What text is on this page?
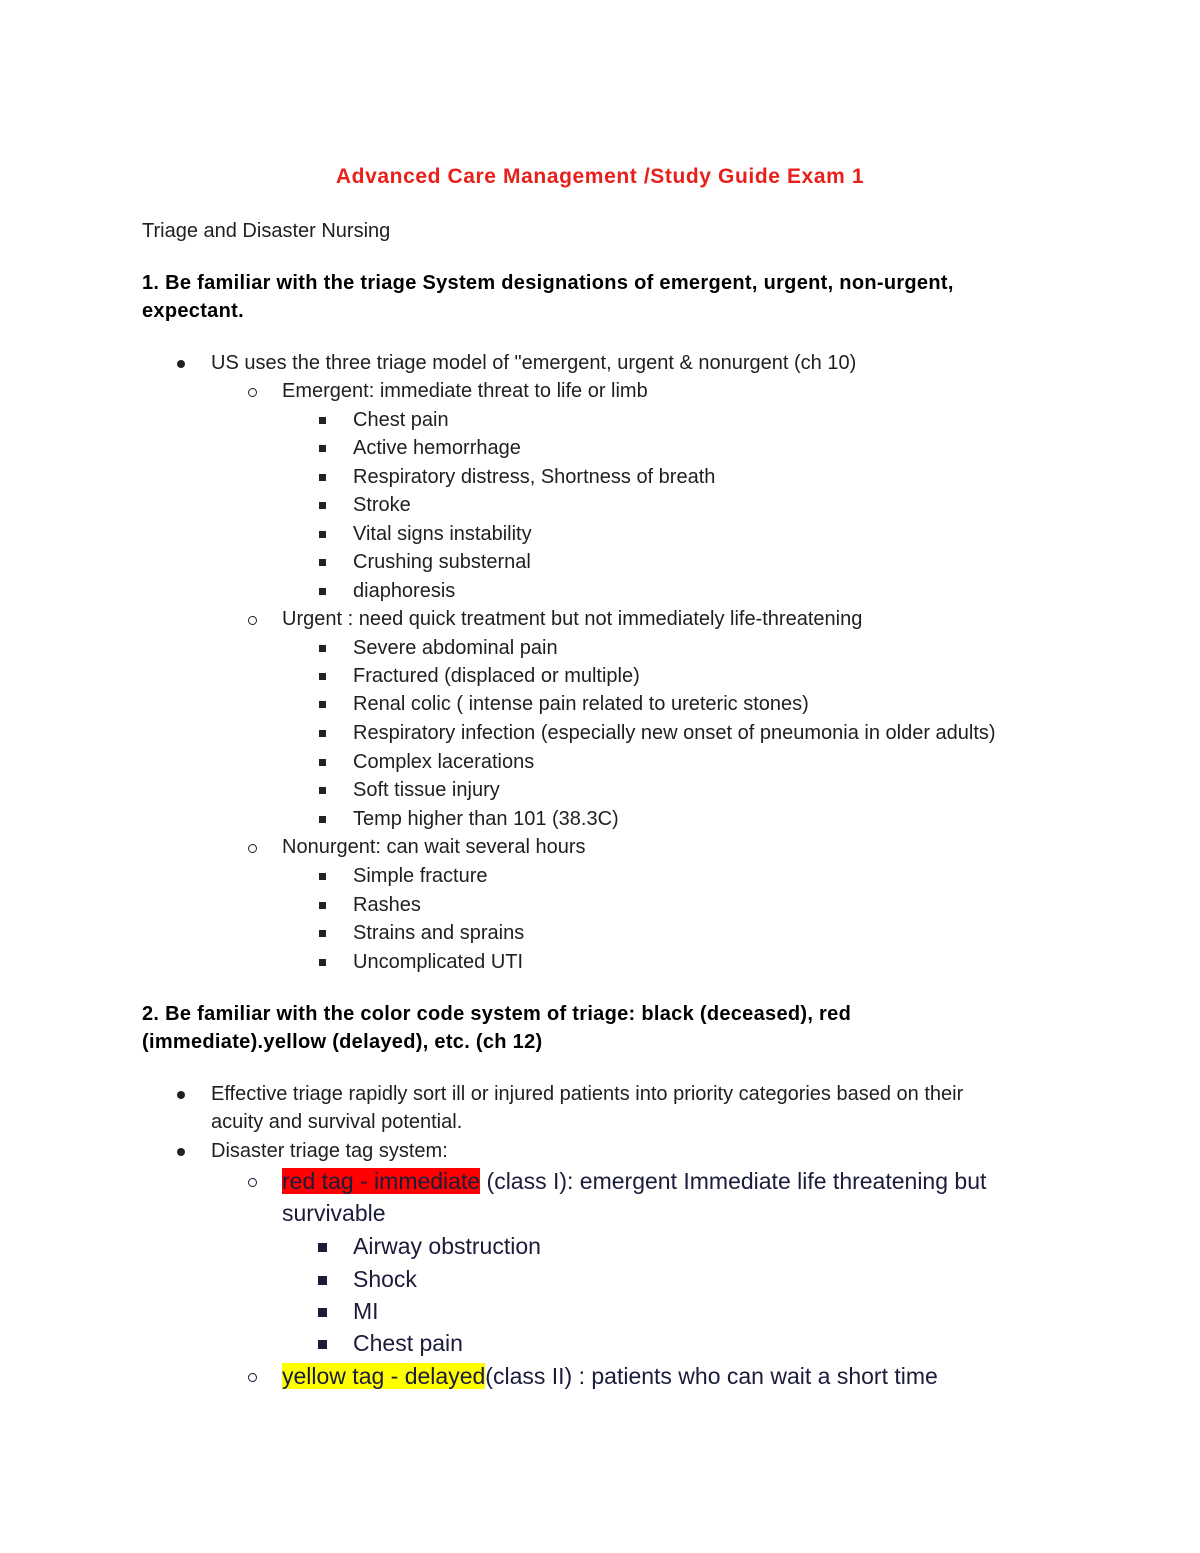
Advanced Care Management /Study Guide Exam 1
Triage and Disaster Nursing
1. Be familiar with the triage System designations of emergent, urgent, non-urgent,
expectant.
US uses the three triage model of "emergent, urgent & nonurgent (ch 10)
Emergent: immediate threat to life or limb
Chest pain
Active hemorrhage
Respiratory distress, Shortness of breath
Stroke
Vital signs instability
Crushing substernal
diaphoresis
Urgent : need quick treatment but not immediately life-threatening
Severe abdominal pain
Fractured (displaced or multiple)
Renal colic ( intense pain related to ureteric stones)
Respiratory infection (especially new onset of pneumonia in older adults)
Complex lacerations
Soft tissue injury
Temp higher than 101 (38.3C)
Nonurgent: can wait several hours
Simple fracture
Rashes
Strains and sprains
Uncomplicated UTI
2. Be familiar with the color code system of triage: black (deceased), red
(immediate).yellow (delayed), etc. (ch 12)
Effective triage rapidly sort ill or injured patients into priority categories based on their
acuity and survival potential.
Disaster triage tag system:
red tag - immediate (class I): emergent Immediate life threatening but
survivable
Airway obstruction
Shock
MI
Chest pain
yellow tag - delayed(class II) : patients who can wait a short time
